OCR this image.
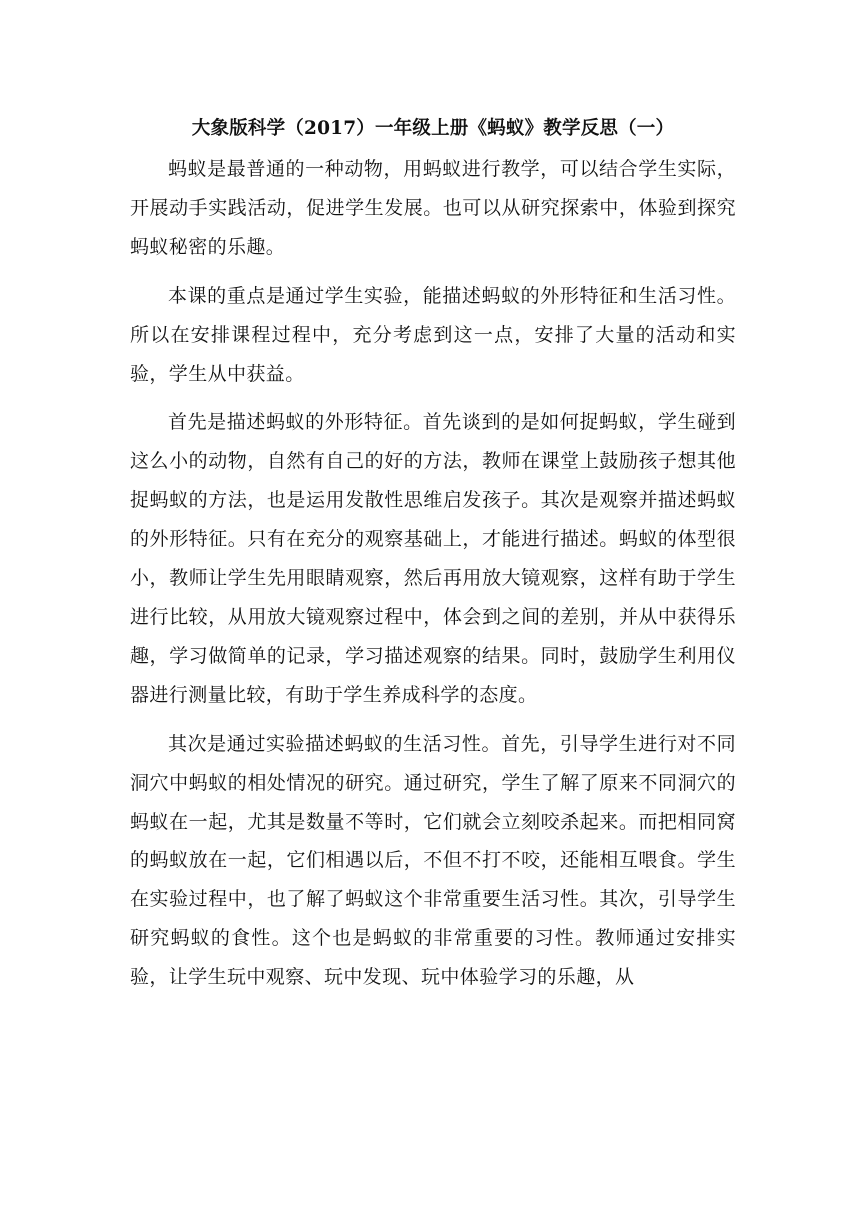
大象版科学（2017）一年级上册《蚂蚁》教学反思（一）

蚂蚁是最普通的一种动物，用蚂蚁进行教学，可以结合学生实际，开展动手实践活动，促进学生发展。也可以从研究探索中，体验到探究蚂蚁秘密的乐趣。

本课的重点是通过学生实验，能描述蚂蚁的外形特征和生活习性。所以在安排课程过程中，充分考虑到这一点，安排了大量的活动和实验，学生从中获益。

首先是描述蚂蚁的外形特征。首先谈到的是如何捉蚂蚁，学生碰到这么小的动物，自然有自己的好的方法，教师在课堂上鼓励孩子想其他捉蚂蚁的方法，也是运用发散性思维启发孩子。其次是观察并描述蚂蚁的外形特征。只有在充分的观察基础上，才能进行描述。蚂蚁的体型很小，教师让学生先用眼睛观察，然后再用放大镜观察，这样有助于学生进行比较，从用放大镜观察过程中，体会到之间的差别，并从中获得乐趣，学习做简单的记录，学习描述观察的结果。同时，鼓励学生利用仪器进行测量比较，有助于学生养成科学的态度。

其次是通过实验描述蚂蚁的生活习性。首先，引导学生进行对不同洞穴中蚂蚁的相处情况的研究。通过研究，学生了解了原来不同洞穴的蚂蚁在一起，尤其是数量不等时，它们就会立刻咬杀起来。而把相同窝的蚂蚁放在一起，它们相遇以后，不但不打不咬，还能相互喂食。学生在实验过程中，也了解了蚂蚁这个非常重要生活习性。其次，引导学生研究蚂蚁的食性。这个也是蚂蚁的非常重要的习性。教师通过安排实验，让学生玩中观察、玩中发现、玩中体验学习的乐趣，从
